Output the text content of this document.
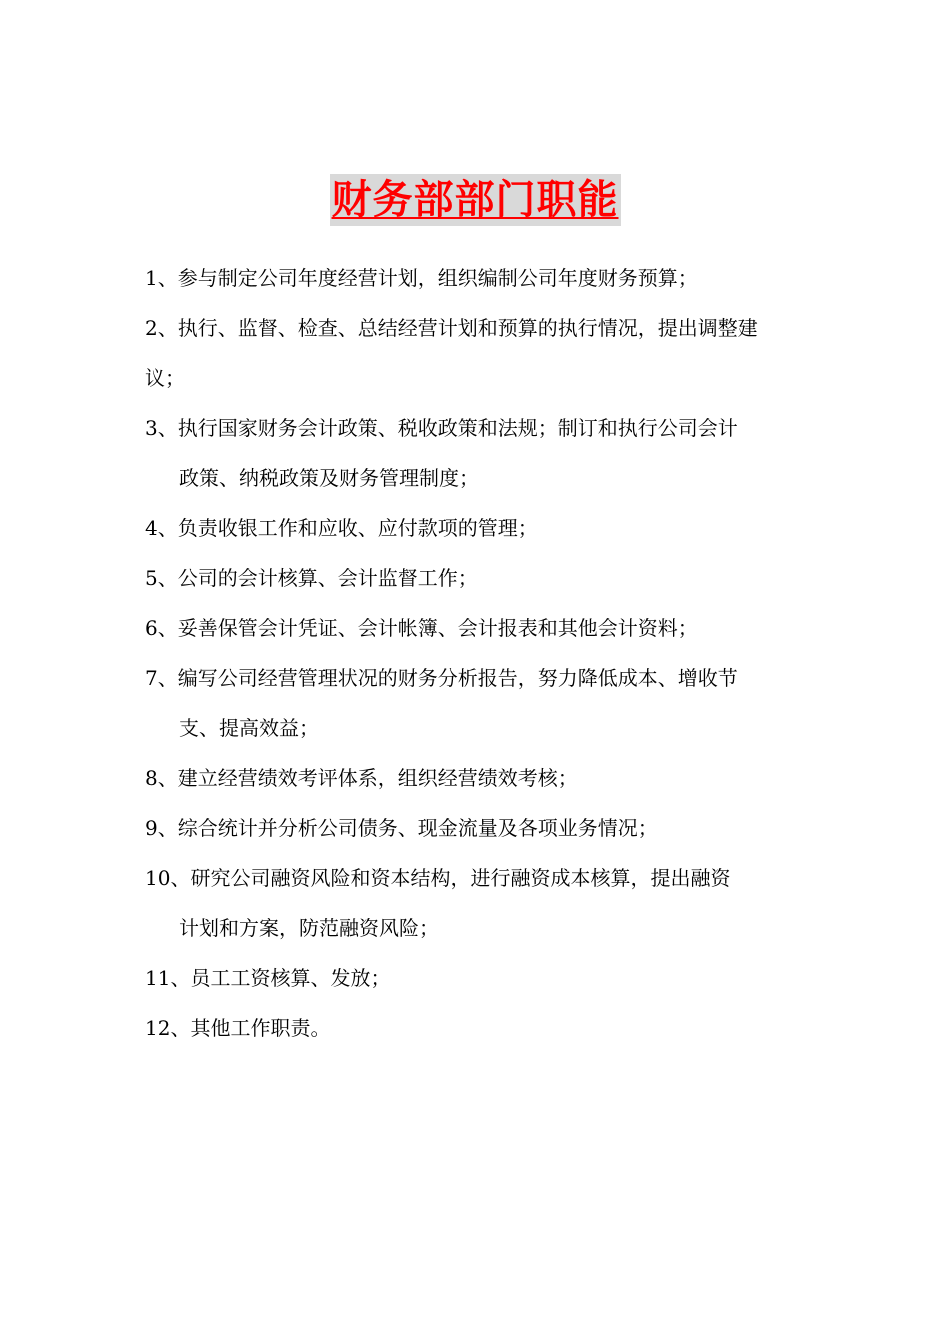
财务部部门职能
1、参与制定公司年度经营计划，组织编制公司年度财务预算；
2、执行、监督、检查、总结经营计划和预算的执行情况，提出调整建
议；
3、执行国家财务会计政策、税收政策和法规；制订和执行公司会计
政策、纳税政策及财务管理制度；
4、负责收银工作和应收、应付款项的管理；
5、公司的会计核算、会计监督工作；
6、妥善保管会计凭证、会计帐簿、会计报表和其他会计资料；
7、编写公司经营管理状况的财务分析报告，努力降低成本、增收节
支、提高效益；
8、建立经营绩效考评体系，组织经营绩效考核；
9、综合统计并分析公司债务、现金流量及各项业务情况；
10、研究公司融资风险和资本结构，进行融资成本核算，提出融资
计划和方案，防范融资风险；
11、员工工资核算、发放；
12、其他工作职责。
